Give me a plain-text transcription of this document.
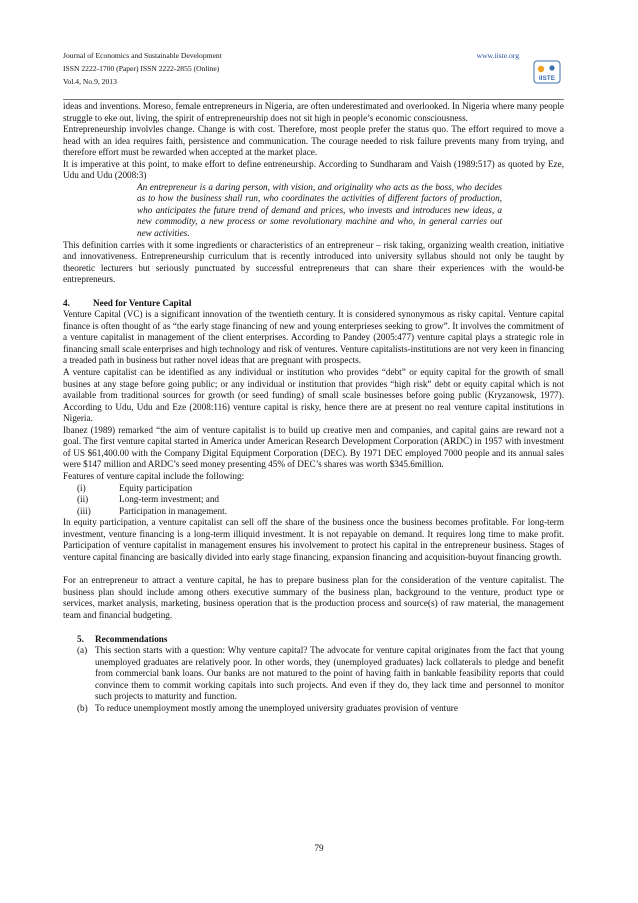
Journal of Economics and Sustainable Development
ISSN 2222-1700 (Paper) ISSN 2222-2855 (Online)
Vol.4, No.9, 2013
www.iiste.org
IISTE

ideas and inventions. Moreso, female entrepreneurs in Nigeria, are often underestimated and overlooked. In Nigeria where many people struggle to eke out, living, the spirit of entrepreneurship does not sit high in people’s economic consciousness.

Entrepreneurship involvles change. Change is with cost. Therefore, most people prefer the status quo. The effort required to move a head with an idea requires faith, persistence and communication. The courage needed to risk failure prevents many from trying, and therefore effort must be rewarded when accepted at the market place.

It is imperative at this point, to make effort to define entreneurship. According to Sundharam and Vaish (1989:517) as quoted by Eze, Udu and Udu (2008:3)

An entrepreneur is a daring person, with vision, and originality who acts as the boss, who decides as to how the business shall run, who coordinates the activities of different factors of production, who anticipates the future trend of demand and prices, who invests and introduces new ideas, a new commodity, a new process or some revolutionary machine and who, in general carries out new activities.

This definition carries with it some ingredients or characteristics of an entrepreneur – risk taking, organizing wealth creation, initiative and innovativeness. Entrepreneurship curriculum that is recently introduced into university syllabus should not only be taught by theoretic lecturers but seriously punctuated by successful entrepreneurs that can share their experiences with the would-be entrepreneurs.

4.	Need for Venture Capital

Venture Capital (VC) is a significant innovation of the twentieth century. It is considered synonymous as risky capital. Venture capital finance is often thought of as “the early stage financing of new and young enterprieses seeking to grow”. It involves the commitment of a venture capitalist in management of the client enterprises. According to Pandey (2005:477) venture capital plays a strategic role in financing small scale enterprises and high technology and risk of ventures. Venture capitalists-institutions are not very keen in financing a treaded path in business but rather novel ideas that are pregnant with prospects.

A venture capitalist can be identified as any individual or institution who provides “debt” or equity capital for the growth of small busines at any stage before going public; or any individual or institution that provides “high risk” debt or equity capital which is not available from traditional sources for growth (or seed funding) of small scale businesses before going public (Kryzanowsk, 1977). According to Udu, Udu and Eze (2008:116) venture capital is risky, hence there are at present no real venture capital institutions in Nigeria.

Ibanez (1989) remarked “the aim of venture capitalist is to build up creative men and companies, and capital gains are reward not a goal. The first venture capital started in America under American Research Development Corporation (ARDC) in 1957 with investment of US $61,400.00 with the Company Digital Equipment Corporation (DEC). By 1971 DEC employed 7000 people and its annual sales were $147 million and ARDC’s seed money presenting 45% of DEC’s shares was worth $345.6million.

Features of venture capital include the following:

(i)	Equity participation
(ii)	Long-term investment; and
(iii)	Participation in management.

In equity participation, a venture capitalist can sell off the share of the business once the business becomes profitable. For long-term investment, venture financing is a long-term illiquid investment. It is not repayable on demand. It requires long time to make profit. Participation of venture capitalist in management ensures his involvement to protect his capital in the entrepreneur business. Stages of venture capital financing are basically divided into early stage financing, expansion financing and acquisition-buyout financing growth.

For an entrepreneur to attract a venture capital, he has to prepare business plan for the consideration of the venture capitalist. The business plan should include among others executive summary of the business plan, background to the venture, product type or services, market analysis, marketing, business operation that is the production process and source(s) of raw material, the management team and financial budgeting.

5. Recommendations

(a) This section starts with a question: Why venture capital? The advocate for venture capital originates from the fact that young unemployed graduates are relatively poor. In other words, they (unemployed graduates) lack collaterals to pledge and benefit from commercial bank loans. Our banks are not matured to the point of having faith in bankable feasibility reports that could convince them to commit working capitals into such projects. And even if they do, they lack time and personnel to monitor such projects to maturity and function.
(b) To reduce unemployment mostly among the unemployed university graduates provision of venture
79
